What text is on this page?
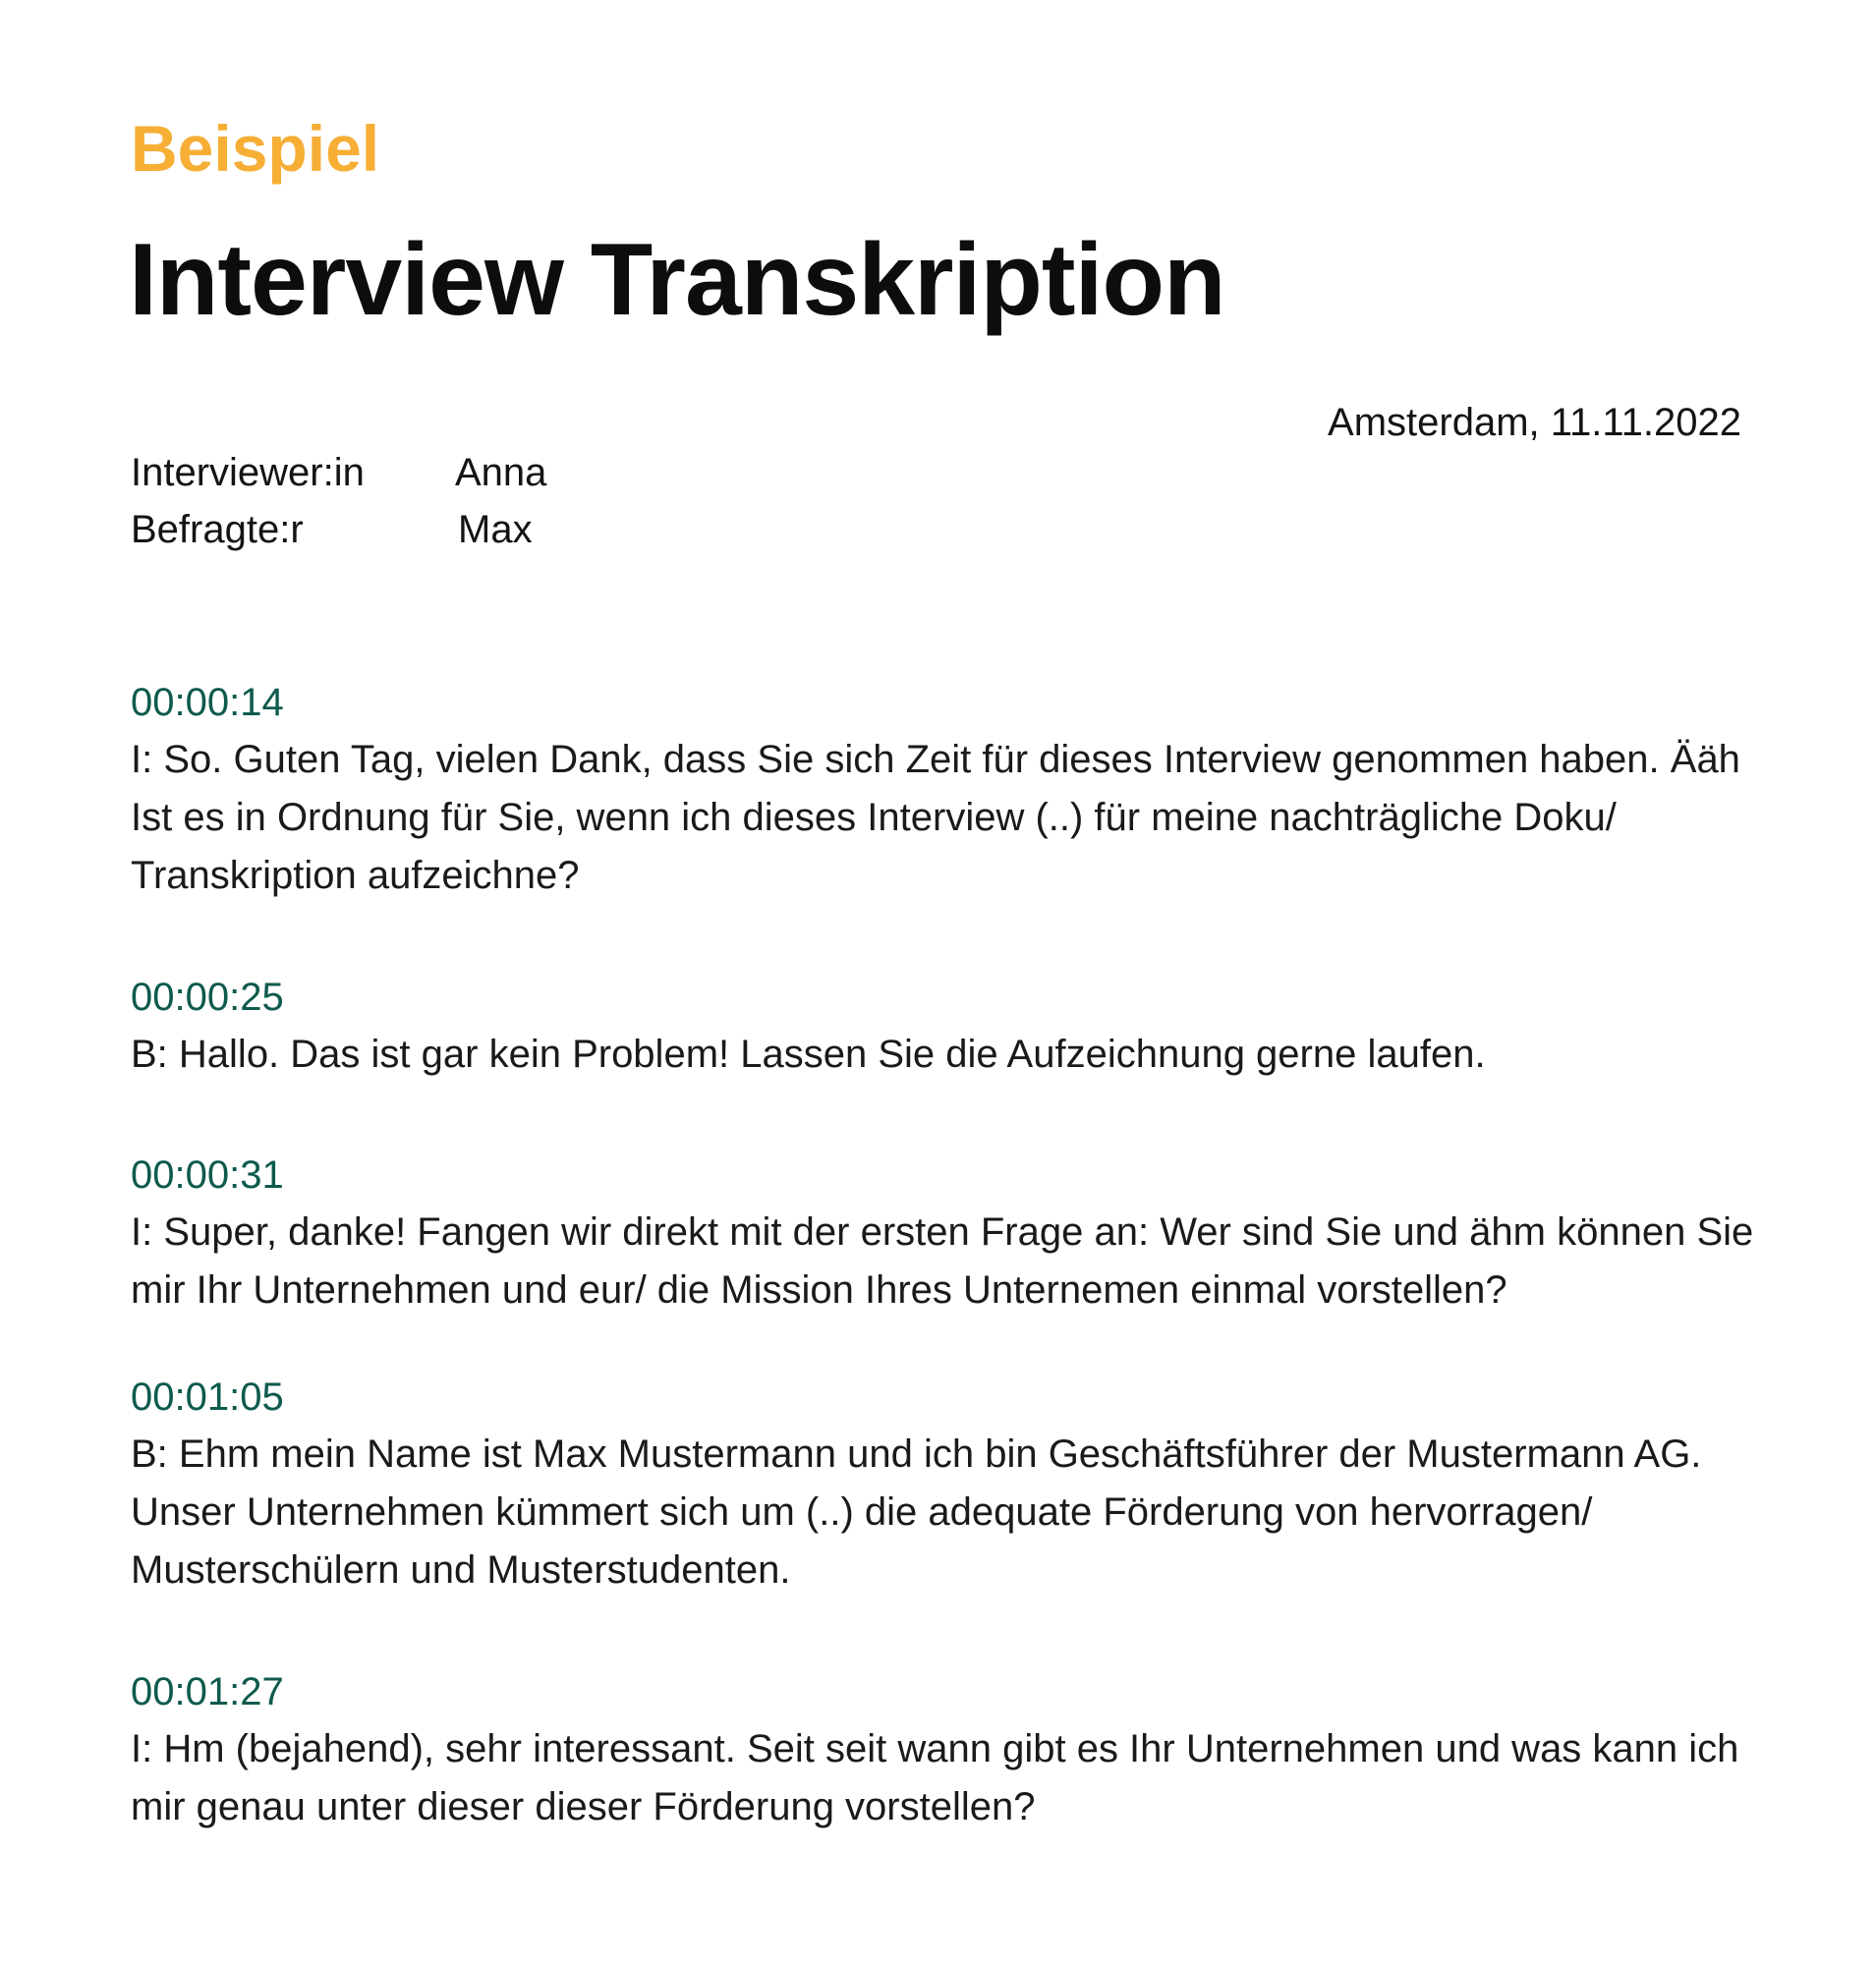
Beispiel
Interview Transkription
Amsterdam, 11.11.2022
Interviewer:in	Anna
Befragte:r	Max
00:00:14
I: So. Guten Tag, vielen Dank, dass Sie sich Zeit für dieses Interview genommen haben. Ääh
Ist es in Ordnung für Sie, wenn ich dieses Interview (..) für meine nachträgliche Doku/
Transkription aufzeichne?
00:00:25
B: Hallo. Das ist gar kein Problem! Lassen Sie die Aufzeichnung gerne laufen.
00:00:31
I: Super, danke! Fangen wir direkt mit der ersten Frage an: Wer sind Sie und ähm können Sie
mir Ihr Unternehmen und eur/ die Mission Ihres Unternemen einmal vorstellen?
00:01:05
B: Ehm mein Name ist Max Mustermann und ich bin Geschäftsführer der Mustermann AG.
Unser Unternehmen kümmert sich um (..) die adequate Förderung von hervorragen/
Musterschülern und Musterstudenten.
00:01:27
I: Hm (bejahend), sehr interessant. Seit seit wann gibt es Ihr Unternehmen und was kann ich
mir genau unter dieser dieser Förderung vorstellen?
